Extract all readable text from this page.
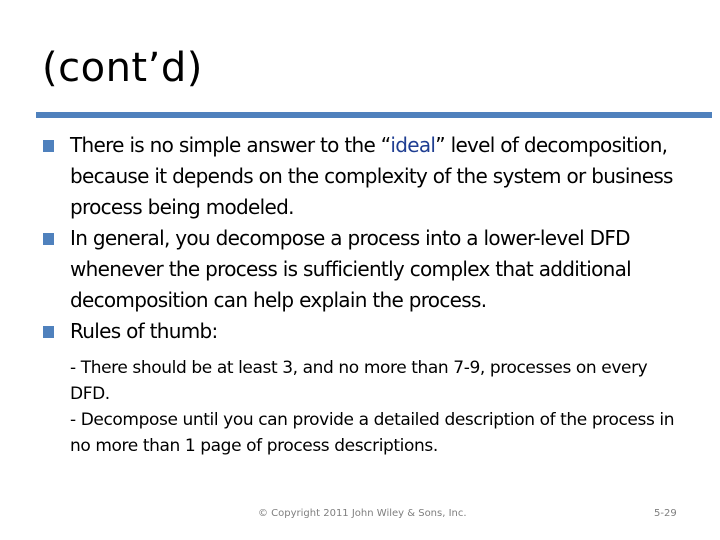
(cont’d)
There is no simple answer to the “ideal” level of decomposition, because it depends on the complexity of the system or business process being modeled.
In general, you decompose a process into a lower-level DFD whenever the process is sufficiently complex that additional decomposition can help explain the process.
Rules of thumb:
- There should be at least 3, and no more than 7-9, processes on every DFD.
- Decompose until you can provide a detailed description of the process in no more than 1 page of process descriptions.
© Copyright 2011 John Wiley & Sons, Inc.	5-29
